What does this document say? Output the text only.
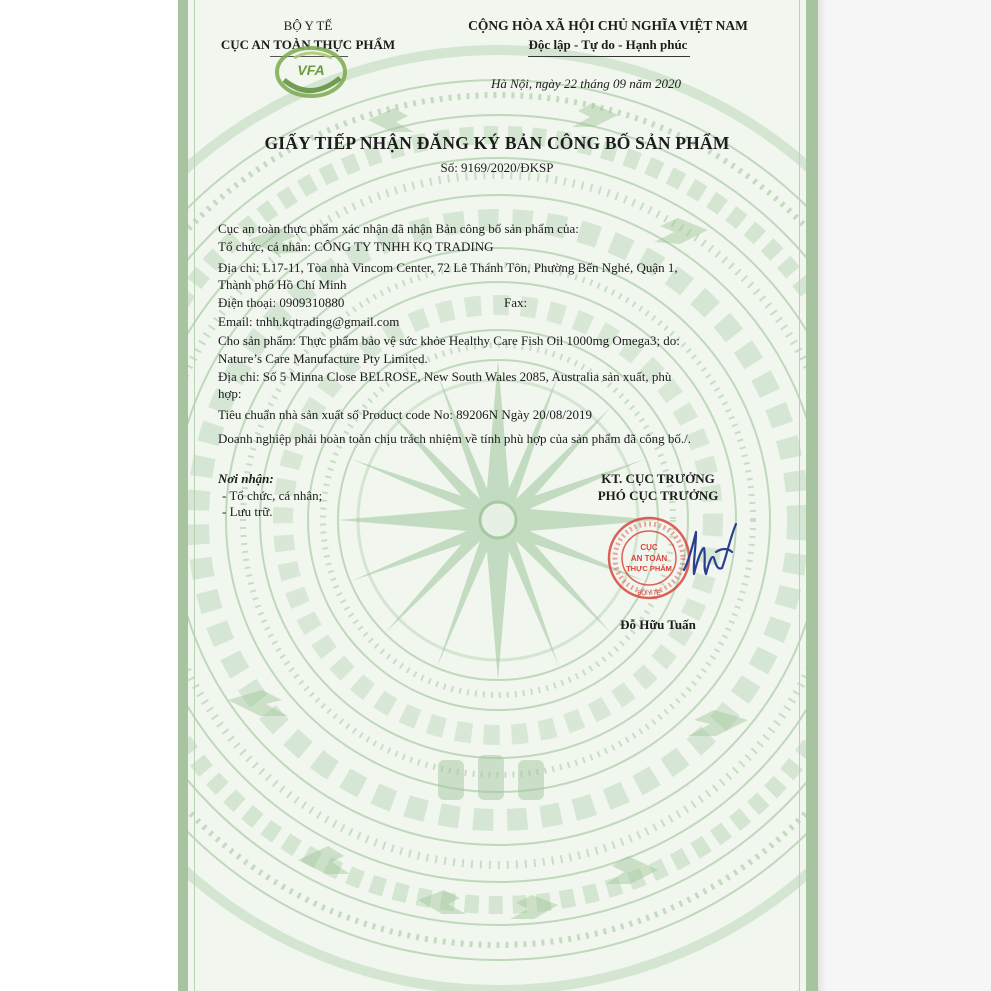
BỘ Y TẾ
CỤC AN TOÀN THỰC PHẨM
VFA
CỘNG HÒA XÃ HỘI CHỦ NGHĨA VIỆT NAM
Độc lập - Tự do - Hạnh phúc
Hà Nội, ngày 22 tháng 09 năm 2020
GIẤY TIẾP NHẬN ĐĂNG KÝ BẢN CÔNG BỐ SẢN PHẨM
Số: 9169/2020/ĐKSP
Cục an toàn thực phẩm xác nhận đã nhận Bản công bố sản phẩm của:
Tổ chức, cá nhân: CÔNG TY TNHH KQ TRADING
Địa chỉ: L17-11, Tòa nhà Vincom Center, 72 Lê Thánh Tôn, Phường Bến Nghé, Quận 1,
Thành phố Hồ Chí Minh
Điện thoại: 0909310880	Fax:
Email: tnhh.kqtrading@gmail.com
Cho sản phẩm: Thực phẩm bảo vệ sức khỏe Healthy Care Fish Oil 1000mg Omega3; do:
Nature’s Care Manufacture Pty Limited.
Địa chỉ: Số 5 Minna Close BELROSE, New South Wales 2085, Australia sản xuất, phù
hợp:
Tiêu chuẩn nhà sản xuất số Product code No: 89206N Ngày 20/08/2019
Doanh nghiệp phải hoàn toàn chịu trách nhiệm về tính phù hợp của sản phẩm đã công bố./.
Nơi nhận:
- Tổ chức, cá nhân;
- Lưu trữ.
KT. CỤC TRƯỞNG
PHÓ CỤC TRƯỞNG
CỤC
AN TOÀN
THỰC PHẨM
BỘ Y TẾ
Đỗ Hữu Tuấn
